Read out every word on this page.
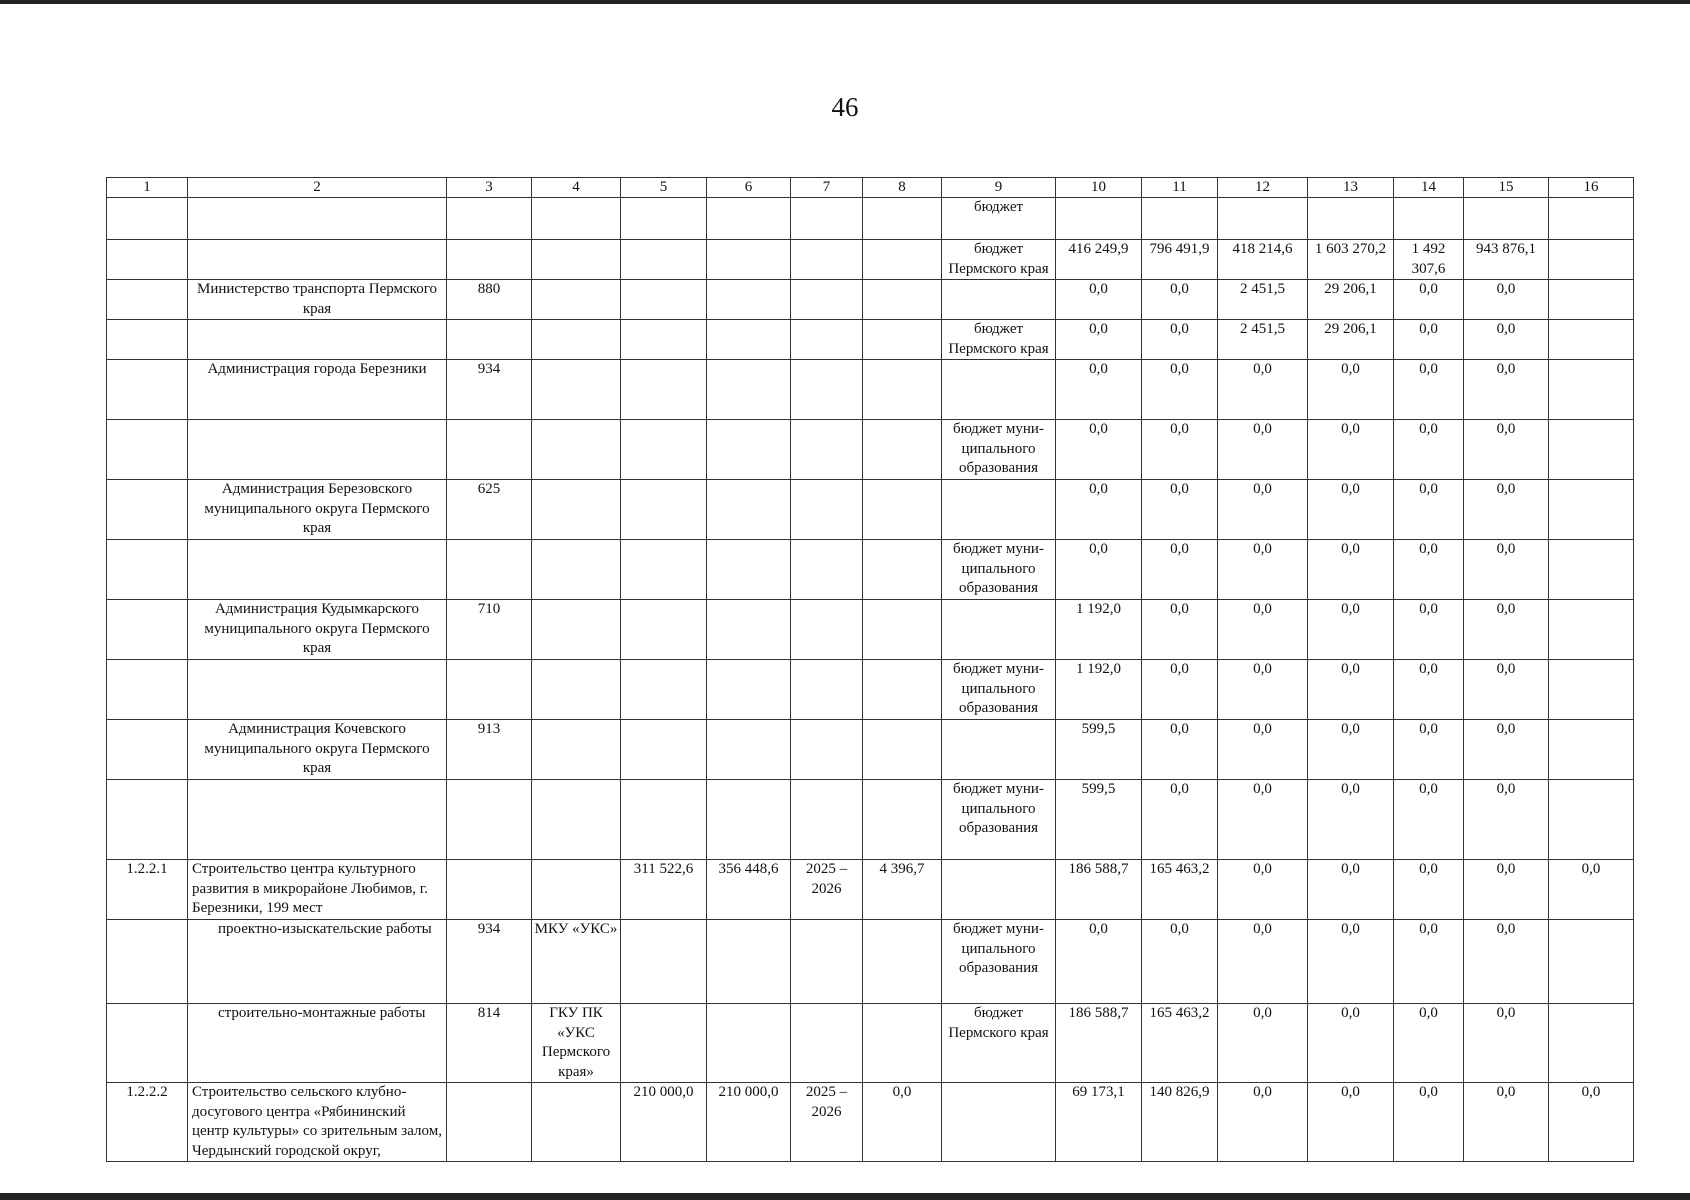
46
1	2	3	4	5	6	7	8	9	10	11	12	13	14	15	16
								бюджет							
								бюджет Пермского края	416 249,9	796 491,9	418 214,6	1 603 270,2	1 492 307,6	943 876,1	
	Министерство транспорта Пермского края	880							0,0	0,0	2 451,5	29 206,1	0,0	0,0	
								бюджет Пермского края	0,0	0,0	2 451,5	29 206,1	0,0	0,0	
	Администрация города Березники	934							0,0	0,0	0,0	0,0	0,0	0,0	
								бюджет муни-ципального образования	0,0	0,0	0,0	0,0	0,0	0,0	
	Администрация Березовского муниципального округа Пермского края	625							0,0	0,0	0,0	0,0	0,0	0,0	
								бюджет муни-ципального образования	0,0	0,0	0,0	0,0	0,0	0,0	
	Администрация Кудымкарского муниципального округа Пермского края	710							1 192,0	0,0	0,0	0,0	0,0	0,0	
								бюджет муни-ципального образования	1 192,0	0,0	0,0	0,0	0,0	0,0	
	Администрация Кочевского муниципального округа Пермского края	913							599,5	0,0	0,0	0,0	0,0	0,0	
								бюджет муни-ципального образования	599,5	0,0	0,0	0,0	0,0	0,0	
1.2.2.1	Строительство центра культурного развития в микрорайоне Любимов, г. Березники, 199 мест			311 522,6	356 448,6	2025 – 2026	4 396,7		186 588,7	165 463,2	0,0	0,0	0,0	0,0	0,0
	проектно-изыскательские работы	934	МКУ «УКС»					бюджет муни-ципального образования	0,0	0,0	0,0	0,0	0,0	0,0	
	строительно-монтажные работы	814	ГКУ ПК «УКС Пермского края»					бюджет Пермского края	186 588,7	165 463,2	0,0	0,0	0,0	0,0	
1.2.2.2	Строительство сельского клубно-досугового центра «Рябининский центр культуры» со зрительным залом, Чердынский городской округ,			210 000,0	210 000,0	2025 – 2026	0,0		69 173,1	140 826,9	0,0	0,0	0,0	0,0	0,0
